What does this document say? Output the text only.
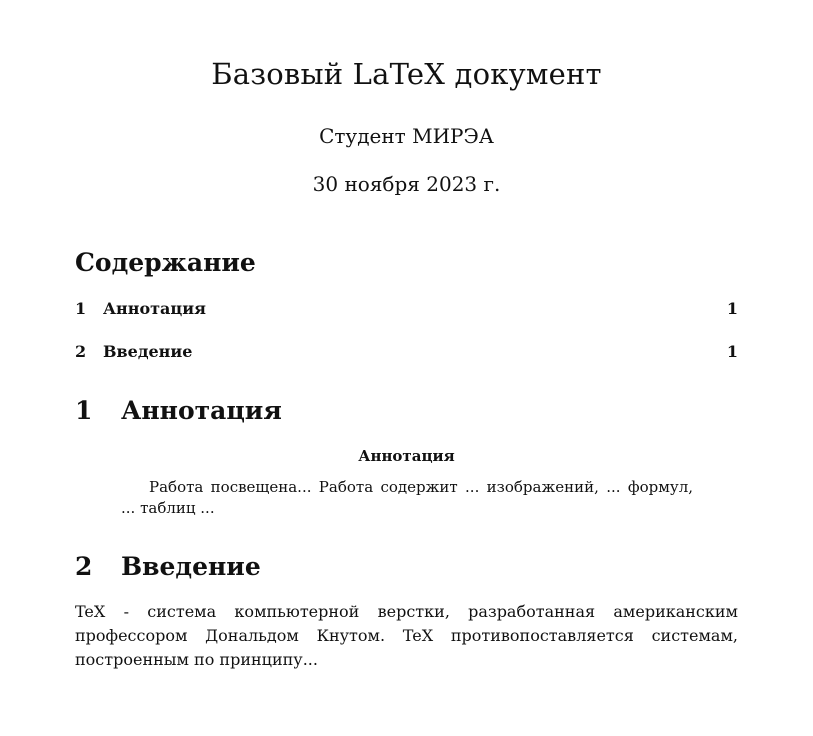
Базовый LaTeX документ
Студент МИРЭА
30 ноября 2023 г.
Содержание
1	Аннотация	1
2	Введение	1
1	Аннотация
Аннотация
Работа посвещена... Работа содержит ... изображений, ... формул, ... таблиц ...
2	Введение
TeX - система компьютерной верстки, разработанная американским профессором Дональдом Кнутом. TeX противопоставляется системам, построенным по принципу...
